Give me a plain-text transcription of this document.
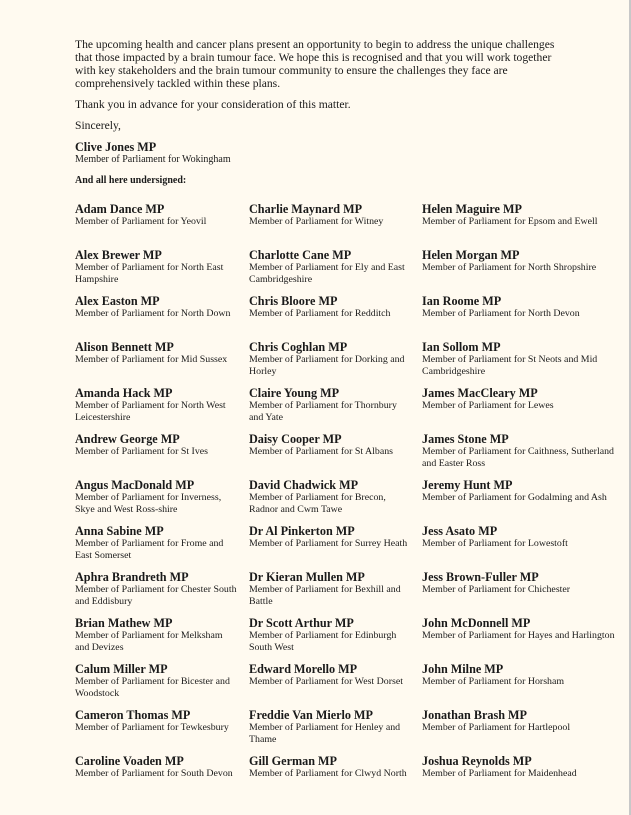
The upcoming health and cancer plans present an opportunity to begin to address the unique challenges that those impacted by a brain tumour face. We hope this is recognised and that you will work together with key stakeholders and the brain tumour community to ensure the challenges they face are comprehensively tackled within these plans.

Thank you in advance for your consideration of this matter.

Sincerely,

Clive Jones MP
Member of Parliament for Wokingham
And all here undersigned:
Adam Dance MP
Member of Parliament for Yeovil
Alex Brewer MP
Member of Parliament for North East Hampshire
Alex Easton MP
Member of Parliament for North Down
Alison Bennett MP
Member of Parliament for Mid Sussex
Amanda Hack MP
Member of Parliament for North West Leicestershire
Andrew George MP
Member of Parliament for St Ives
Angus MacDonald MP
Member of Parliament for Inverness, Skye and West Ross-shire
Anna Sabine MP
Member of Parliament for Frome and East Somerset
Aphra Brandreth MP
Member of Parliament for Chester South and Eddisbury
Brian Mathew MP
Member of Parliament for Melksham and Devizes
Calum Miller MP
Member of Parliament for Bicester and Woodstock
Cameron Thomas MP
Member of Parliament for Tewkesbury
Caroline Voaden MP
Member of Parliament for South Devon
Charlie Maynard MP
Member of Parliament for Witney
Charlotte Cane MP
Member of Parliament for Ely and East Cambridgeshire
Chris Bloore MP
Member of Parliament for Redditch
Chris Coghlan MP
Member of Parliament for Dorking and Horley
Claire Young MP
Member of Parliament for Thornbury and Yate
Daisy Cooper MP
Member of Parliament for St Albans
David Chadwick MP
Member of Parliament for Brecon, Radnor and Cwm Tawe
Dr Al Pinkerton MP
Member of Parliament for Surrey Heath
Dr Kieran Mullen MP
Member of Parliament for Bexhill and Battle
Dr Scott Arthur MP
Member of Parliament for Edinburgh South West
Edward Morello MP
Member of Parliament for West Dorset
Freddie Van Mierlo MP
Member of Parliament for Henley and Thame
Gill German MP
Member of Parliament for Clwyd North
Helen Maguire MP
Member of Parliament for Epsom and Ewell
Helen Morgan MP
Member of Parliament for North Shropshire
Ian Roome MP
Member of Parliament for North Devon
Ian Sollom MP
Member of Parliament for St Neots and Mid Cambridgeshire
James MacCleary MP
Member of Parliament for Lewes
James Stone MP
Member of Parliament for Caithness, Sutherland and Easter Ross
Jeremy Hunt MP
Member of Parliament for Godalming and Ash
Jess Asato MP
Member of Parliament for Lowestoft
Jess Brown-Fuller MP
Member of Parliament for Chichester
John McDonnell MP
Member of Parliament for Hayes and Harlington
John Milne MP
Member of Parliament for Horsham
Jonathan Brash MP
Member of Parliament for Hartlepool
Joshua Reynolds MP
Member of Parliament for Maidenhead
